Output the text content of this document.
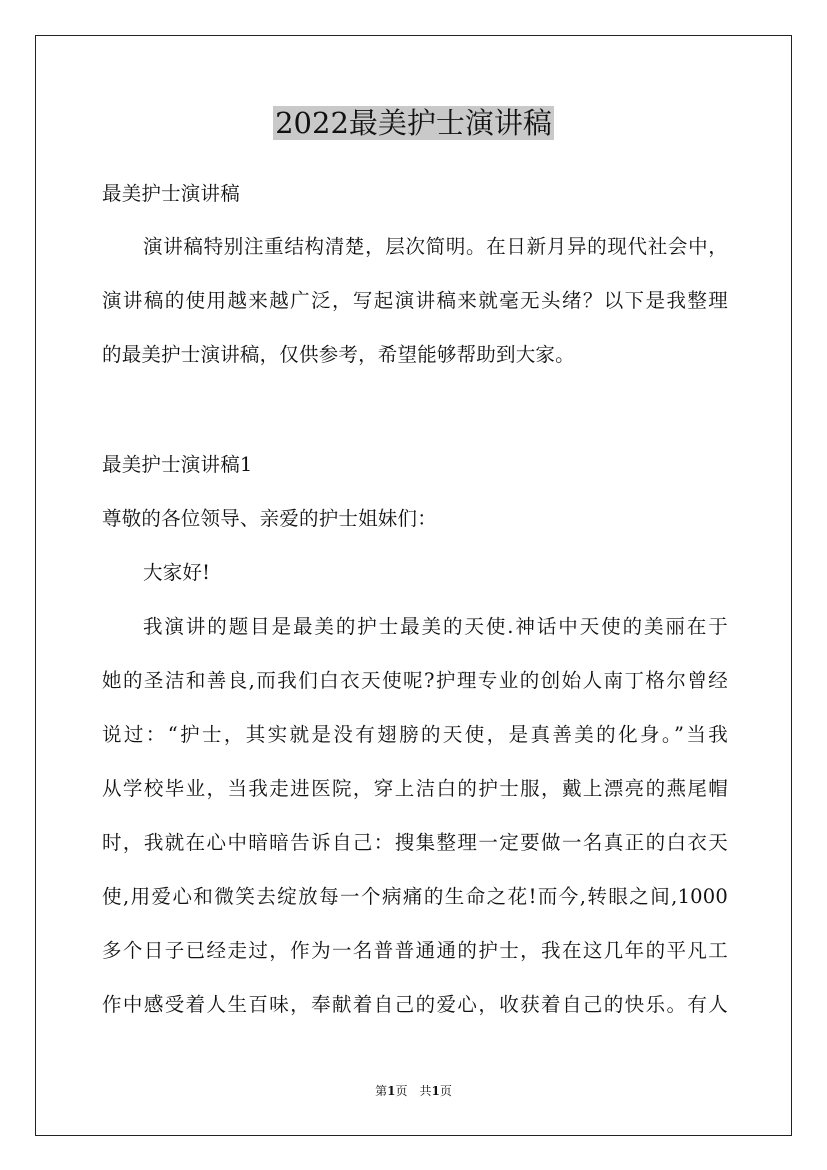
2022最美护士演讲稿
最美护士演讲稿
演讲稿特别注重结构清楚，层次简明。在日新月异的现代社会中，
演讲稿的使用越来越广泛，写起演讲稿来就毫无头绪？以下是我整理
的最美护士演讲稿，仅供参考，希望能够帮助到大家。
最美护士演讲稿1
尊敬的各位领导、亲爱的护士姐妹们：
大家好!
我演讲的题目是最美的护士最美的天使.神话中天使的美丽在于
她的圣洁和善良,而我们白衣天使呢?护理专业的创始人南丁格尔曾经
说过：“护士，其实就是没有翅膀的天使，是真善美的化身。”当我
从学校毕业，当我走进医院，穿上洁白的护士服，戴上漂亮的燕尾帽
时，我就在心中暗暗告诉自己：搜集整理一定要做一名真正的白衣天
使,用爱心和微笑去绽放每一个病痛的生命之花!而今,转眼之间,1000
多个日子已经走过，作为一名普普通通的护士，我在这几年的平凡工
作中感受着人生百味，奉献着自己的爱心，收获着自己的快乐。有人
第1页　共1页
